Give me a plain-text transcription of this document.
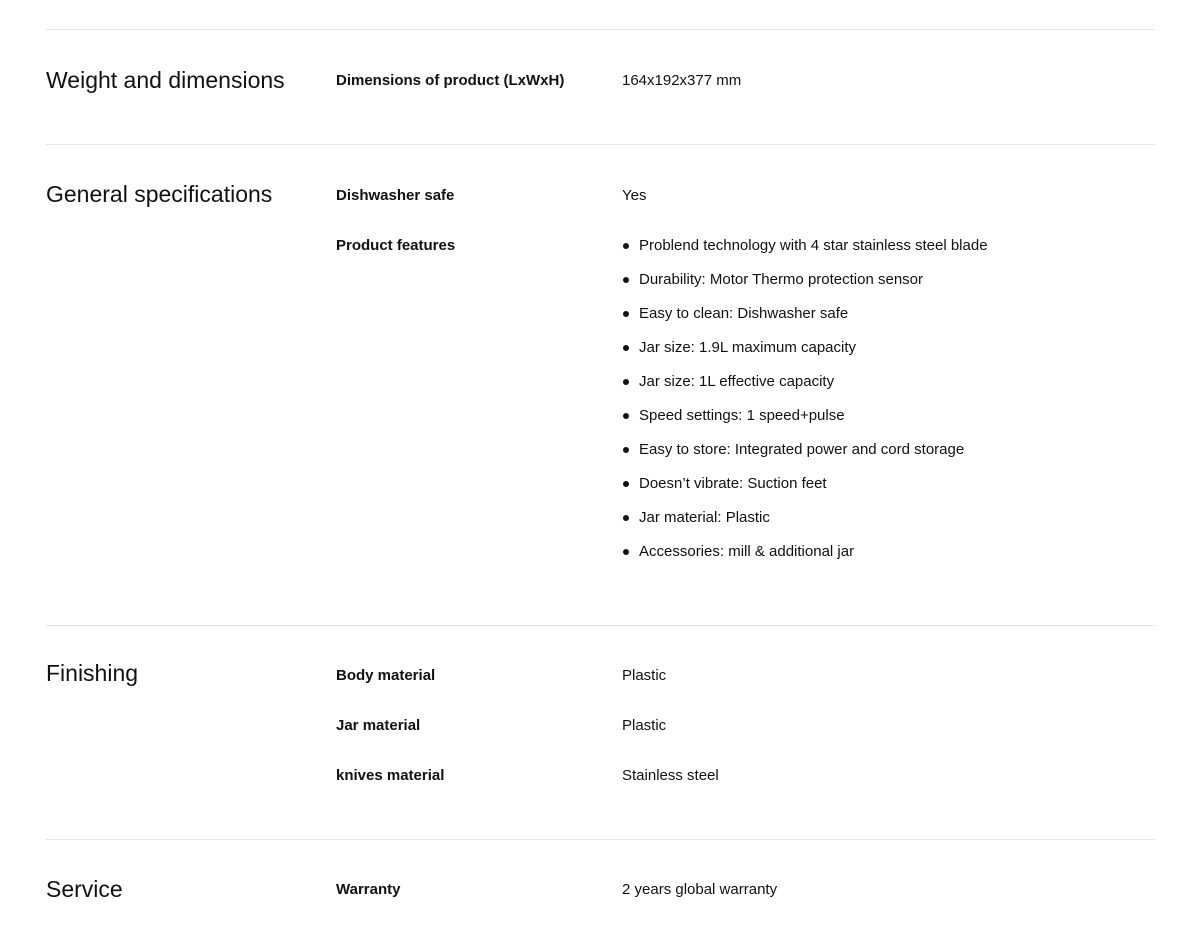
Weight and dimensions	Dimensions of product (LxWxH)	164x192x377 mm
General specifications	Dishwasher safe	Yes
Product features	Problend technology with 4 star stainless steel blade
Durability: Motor Thermo protection sensor
Easy to clean: Dishwasher safe
Jar size: 1.9L maximum capacity
Jar size: 1L effective capacity
Speed settings: 1 speed+pulse
Easy to store: Integrated power and cord storage
Doesn’t vibrate: Suction feet
Jar material: Plastic
Accessories: mill & additional jar
Finishing	Body material	Plastic
Jar material	Plastic
knives material	Stainless steel
Service	Warranty	2 years global warranty
